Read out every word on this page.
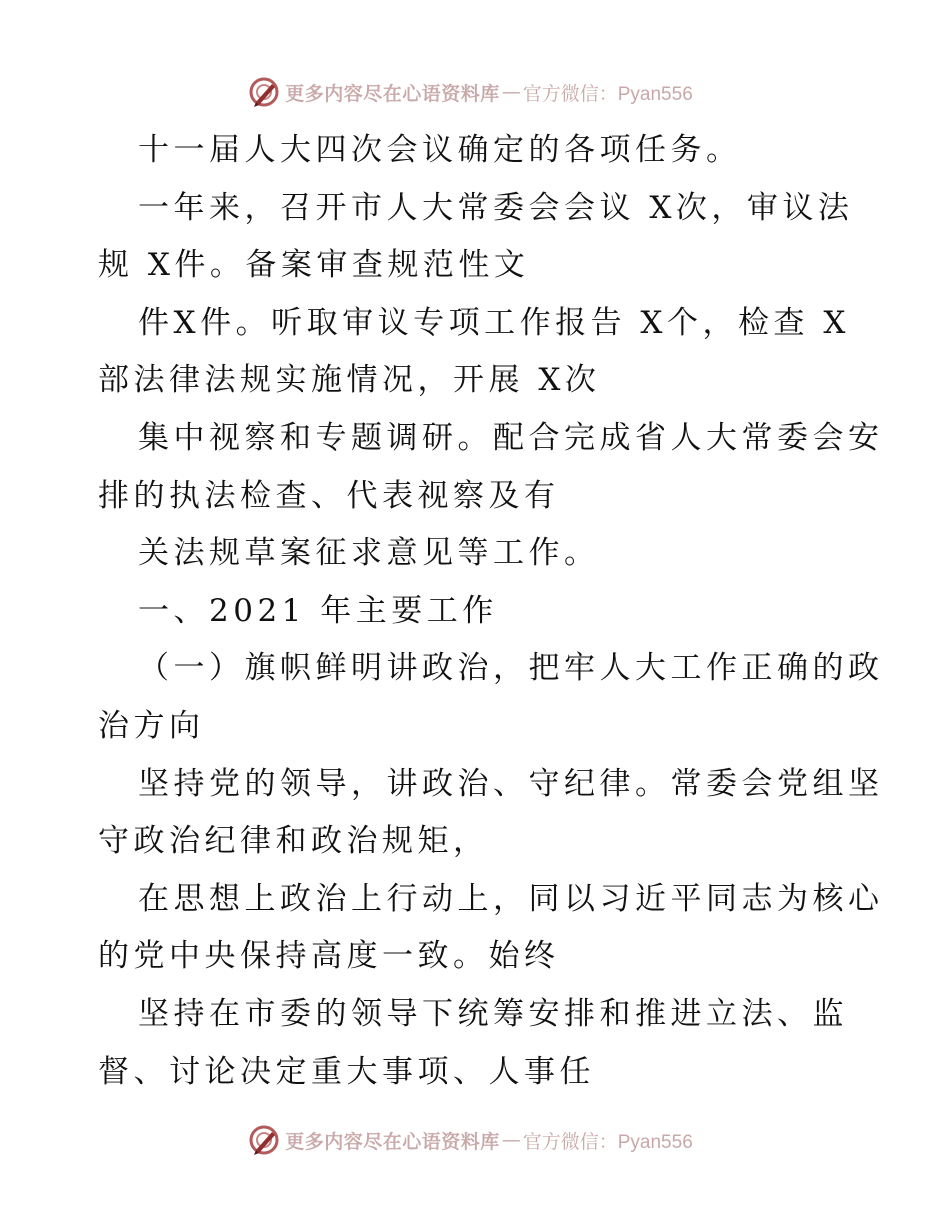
更多内容尽在心语资料库 — 官方微信：Pyan556
十一届人大四次会议确定的各项任务。
一年来，召开市人大常委会会议 X次，审议法
规 X件。备案审查规范性文
件X件。听取审议专项工作报告 X个，检查 X
部法律法规实施情况，开展 X次
集中视察和专题调研。配合完成省人大常委会安
排的执法检查、代表视察及有
关法规草案征求意见等工作。
一、2021 年主要工作
（一）旗帜鲜明讲政治，把牢人大工作正确的政
治方向
坚持党的领导，讲政治、守纪律。常委会党组坚
守政治纪律和政治规矩，
在思想上政治上行动上，同以习近平同志为核心
的党中央保持高度一致。始终
坚持在市委的领导下统筹安排和推进立法、监
督、讨论决定重大事项、人事任
更多内容尽在心语资料库 — 官方微信：Pyan556
